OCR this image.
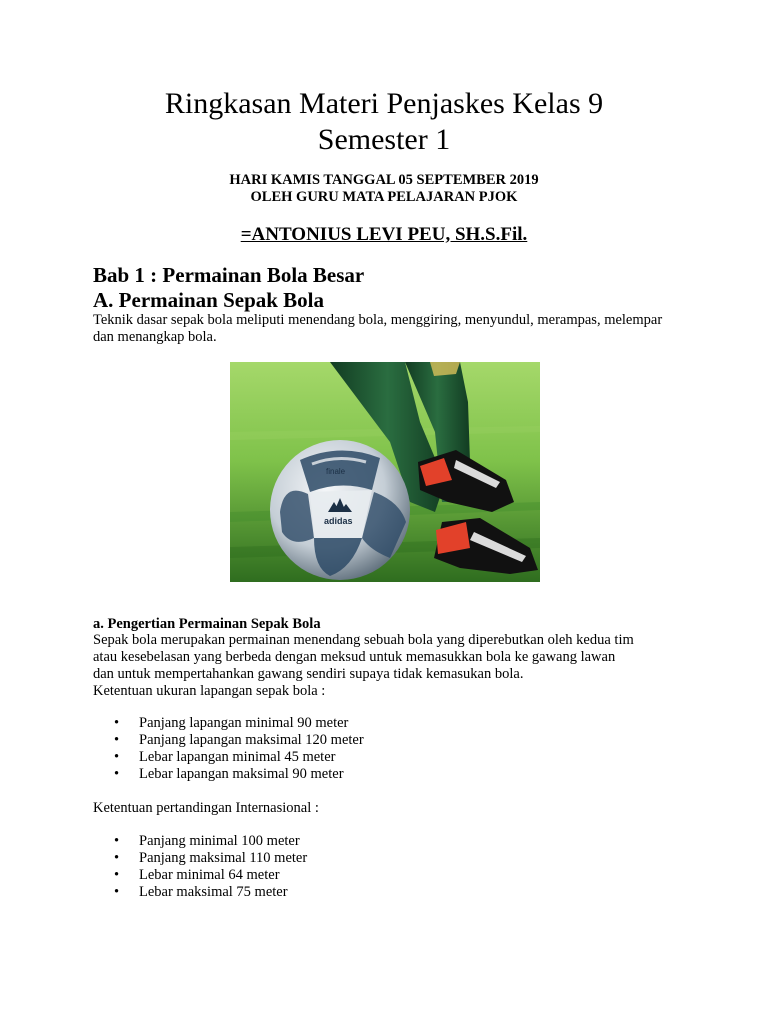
Ringkasan Materi Penjaskes Kelas 9
Semester 1
HARI KAMIS TANGGAL 05 SEPTEMBER 2019
OLEH GURU MATA PELAJARAN PJOK
=ANTONIUS LEVI PEU, SH.S.Fil.
Bab 1 : Permainan Bola Besar
A. Permainan Sepak Bola
Teknik dasar sepak bola meliputi menendang bola, menggiring, menyundul, merampas, melempar dan menangkap bola.
finale
adidas
a. Pengertian Permainan Sepak Bola
Sepak bola merupakan permainan menendang sebuah bola yang diperebutkan oleh kedua tim
atau kesebelasan yang berbeda dengan meksud untuk memasukkan bola ke gawang lawan
dan untuk mempertahankan gawang sendiri supaya tidak kemasukan bola.
Ketentuan ukuran lapangan sepak bola :
• Panjang lapangan minimal 90 meter
• Panjang lapangan maksimal 120 meter
• Lebar lapangan minimal 45 meter
• Lebar lapangan maksimal 90 meter
Ketentuan pertandingan Internasional :
• Panjang minimal 100 meter
• Panjang maksimal 110 meter
• Lebar minimal 64 meter
• Lebar maksimal 75 meter
